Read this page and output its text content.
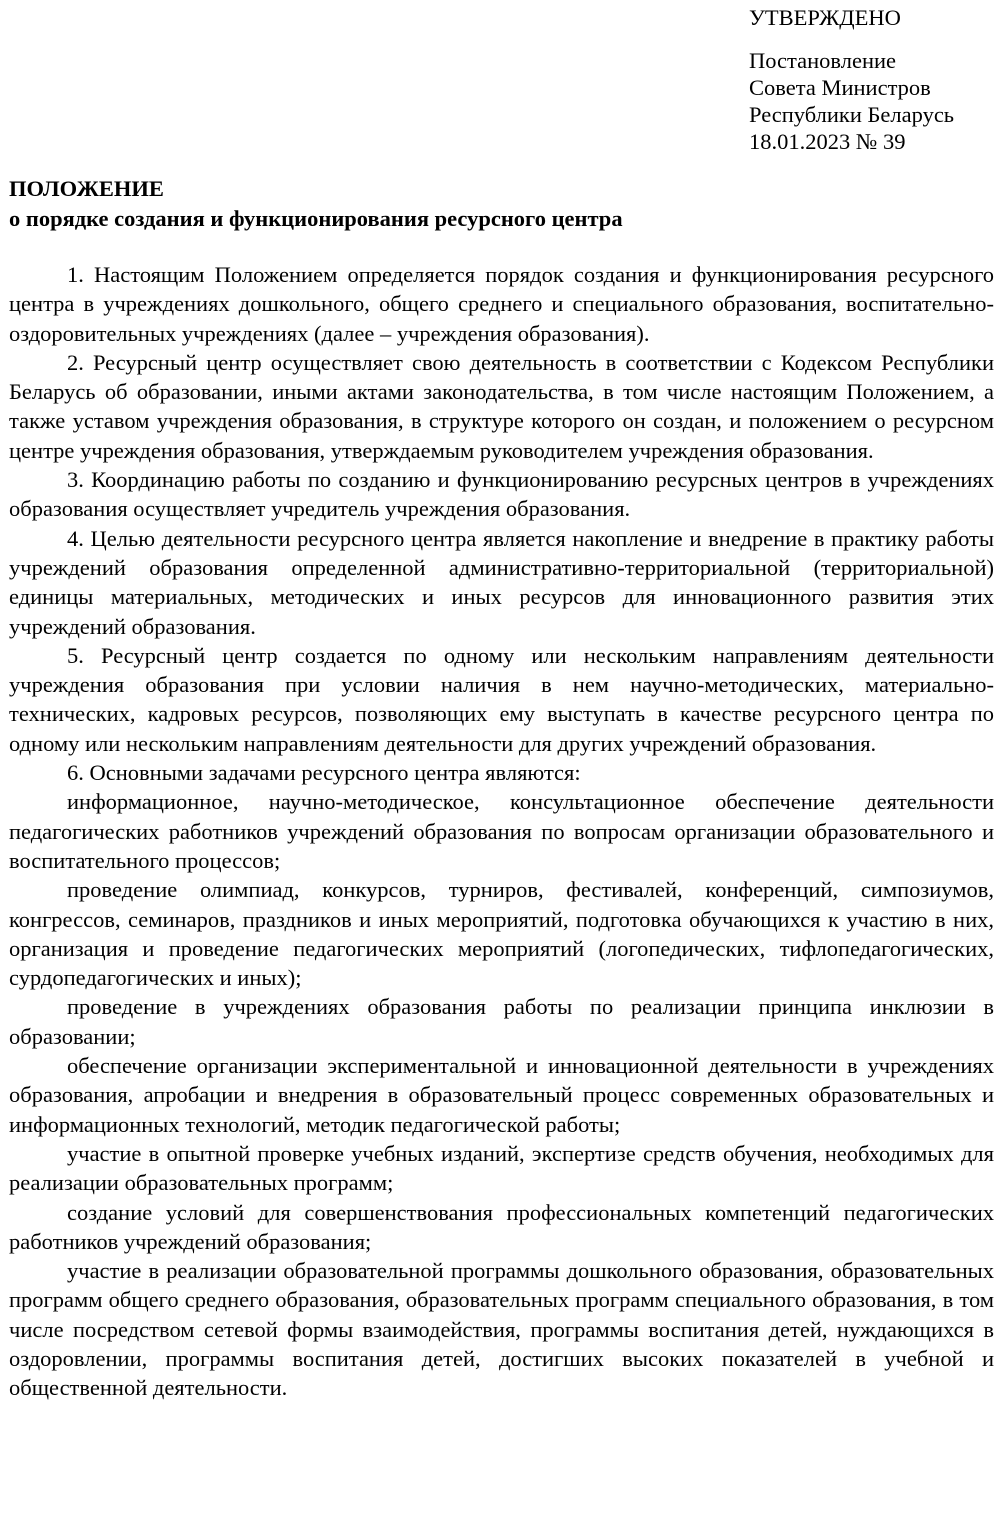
УТВЕРЖДЕНО
Постановление
Совета Министров
Республики Беларусь
18.01.2023 № 39
ПОЛОЖЕНИЕ
о порядке создания и функционирования ресурсного центра

1. Настоящим Положением определяется порядок создания и функционирования ресурсного центра в учреждениях дошкольного, общего среднего и специального образования, воспитательно-оздоровительных учреждениях (далее – учреждения образования).

2. Ресурсный центр осуществляет свою деятельность в соответствии с Кодексом Республики Беларусь об образовании, иными актами законодательства, в том числе настоящим Положением, а также уставом учреждения образования, в структуре которого он создан, и положением о ресурсном центре учреждения образования, утверждаемым руководителем учреждения образования.

3. Координацию работы по созданию и функционированию ресурсных центров в учреждениях образования осуществляет учредитель учреждения образования.

4. Целью деятельности ресурсного центра является накопление и внедрение в практику работы учреждений образования определенной административно-территориальной (территориальной) единицы материальных, методических и иных ресурсов для инновационного развития этих учреждений образования.

5. Ресурсный центр создается по одному или нескольким направлениям деятельности учреждения образования при условии наличия в нем научно-методических, материально-технических, кадровых ресурсов, позволяющих ему выступать в качестве ресурсного центра по одному или нескольким направлениям деятельности для других учреждений образования.

6. Основными задачами ресурсного центра являются:

информационное, научно-методическое, консультационное обеспечение деятельности педагогических работников учреждений образования по вопросам организации образовательного и воспитательного процессов;

проведение олимпиад, конкурсов, турниров, фестивалей, конференций, симпозиумов, конгрессов, семинаров, праздников и иных мероприятий, подготовка обучающихся к участию в них, организация и проведение педагогических мероприятий (логопедических, тифлопедагогических, сурдопедагогических и иных);

проведение в учреждениях образования работы по реализации принципа инклюзии в образовании;

обеспечение организации экспериментальной и инновационной деятельности в учреждениях образования, апробации и внедрения в образовательный процесс современных образовательных и информационных технологий, методик педагогической работы;

участие в опытной проверке учебных изданий, экспертизе средств обучения, необходимых для реализации образовательных программ;

создание условий для совершенствования профессиональных компетенций педагогических работников учреждений образования;

участие в реализации образовательной программы дошкольного образования, образовательных программ общего среднего образования, образовательных программ специального образования, в том числе посредством сетевой формы взаимодействия, программы воспитания детей, нуждающихся в оздоровлении, программы воспитания детей, достигших высоких показателей в учебной и общественной деятельности.
